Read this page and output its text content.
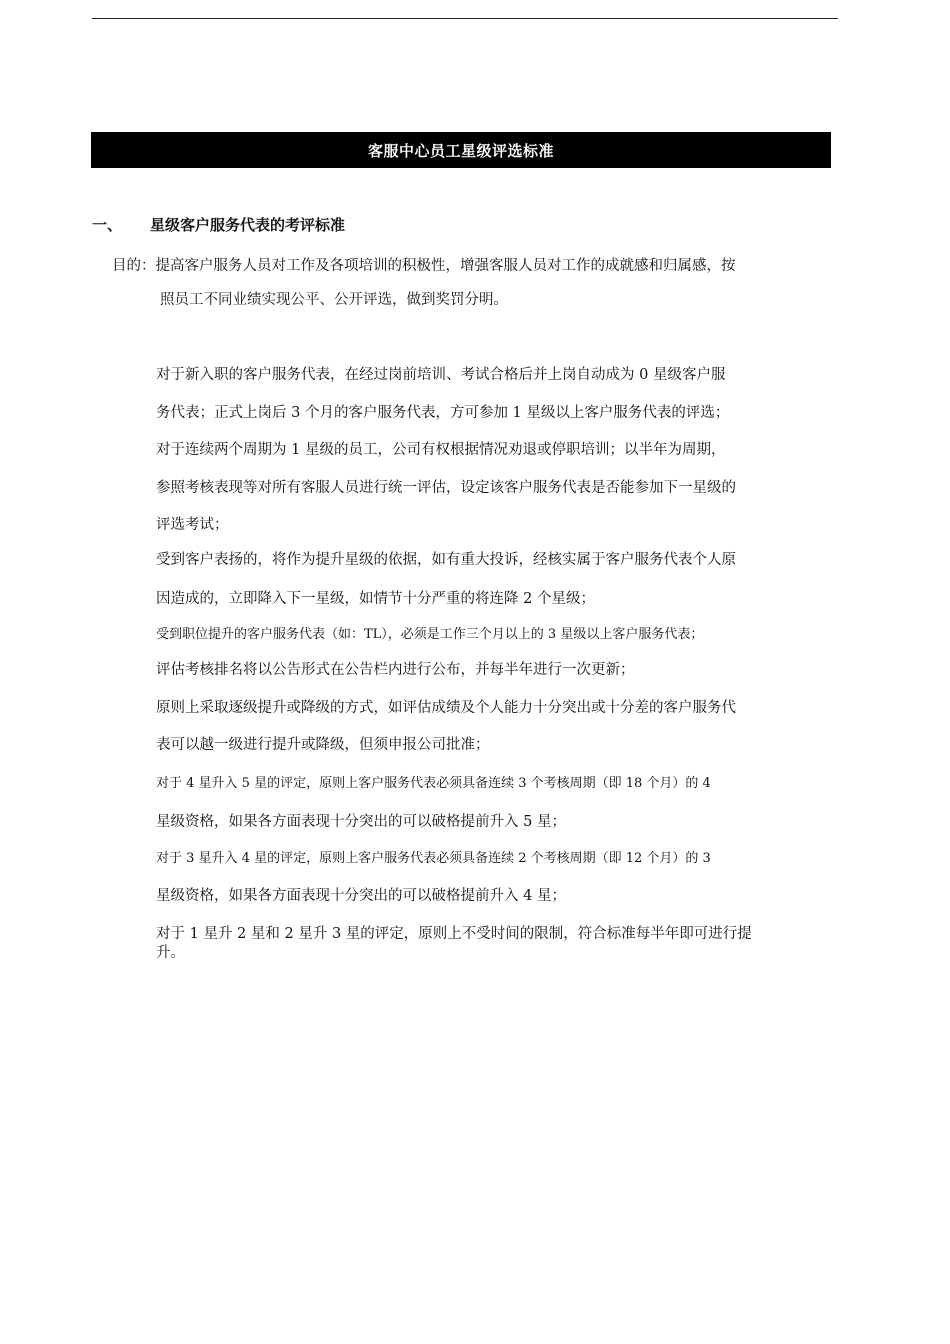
客服中心员工星级评选标准
一、 星级客户服务代表的考评标准
目的：提高客户服务人员对工作及各项培训的积极性，增强客服人员对工作的成就感和归属感，按
照员工不同业绩实现公平、公开评选，做到奖罚分明。
对于新入职的客户服务代表，在经过岗前培训、考试合格后并上岗自动成为 0 星级客户服
务代表；正式上岗后 3 个月的客户服务代表，方可参加 1 星级以上客户服务代表的评选；
对于连续两个周期为 1 星级的员工，公司有权根据情况劝退或停职培训；以半年为周期，
参照考核表现等对所有客服人员进行统一评估，设定该客户服务代表是否能参加下一星级的
评选考试；
受到客户表扬的，将作为提升星级的依据，如有重大投诉，经核实属于客户服务代表个人原
因造成的，立即降入下一星级，如情节十分严重的将连降 2 个星级；
受到职位提升的客户服务代表（如：TL），必须是工作三个月以上的 3 星级以上客户服务代表；
评估考核排名将以公告形式在公告栏内进行公布，并每半年进行一次更新；
原则上采取逐级提升或降级的方式，如评估成绩及个人能力十分突出或十分差的客户服务代
表可以越一级进行提升或降级，但须申报公司批准；
对于 4 星升入 5 星的评定，原则上客户服务代表必须具备连续 3 个考核周期（即 18 个月）的 4
星级资格，如果各方面表现十分突出的可以破格提前升入 5 星；
对于 3 星升入 4 星的评定，原则上客户服务代表必须具备连续 2 个考核周期（即 12 个月）的 3
星级资格，如果各方面表现十分突出的可以破格提前升入 4 星；
对于 1 星升 2 星和 2 星升 3 星的评定，原则上不受时间的限制，符合标准每半年即可进行提
升。
